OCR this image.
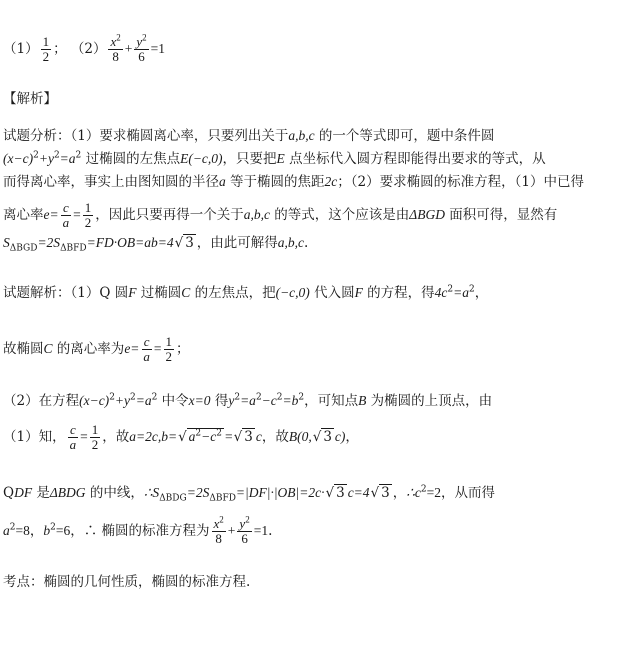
$(1) \frac{1}{2}$ ； $(2) \frac{x^2}{8} + \frac{y^2}{6} =1$
【解析】
试题分析：（1）要求椭圆离心率，只要列出关于a,b,c 的一个等式即可，题中条件圆
$(x-c)^2+y^2=a^2$ 过椭圆的左焦点E(−c,0)，只要把E 点坐标代入圆方程即能得出要求的等式，从
而得离心率，事实上由图知圆的半径a 等于椭圆的焦距2c；（2）要求椭圆的标准方程，（1）中已得
离心率$e= \frac{c}{a} = \frac{1}{2}$ ，因此只要再得一个关于a,b,c 的等式，这个应该是由ΔBGD 面积可得，显然有
$S_{\Delta BGD}=2S_{\Delta BFD}=FD\cdot OB=ab=4√$ 3 ，由此可解得a,b,c.
试题解析：（1）Q 圆F 过椭圆C 的左焦点，把(−c,0) 代入圆F 的方程，得$4c^2=a^2$，
故椭圆C 的离心率为$e= \frac{c}{a} = \frac{1}{2}$ ；
（2）在方程$(x-c)^2+y^2=a^2$ 中令x=0 得$y^2=a^2-c^2=b^2$，可知点B 为椭圆的上顶点，由
（1）知， $\frac{c}{a} = \frac{1}{2}$ ，故a=2c,b=√ $a^2-c^2$ =√ 3 c，故B(0,√ 3 c)，
QDF 是ΔBDG 的中线，$\therefore S_{\Delta BDG}=2S_{\Delta BFD}=|DF|\cdot|OB|=2c\cdot√$ 3 c=4√ 3 ，$\therefore c^2=2$，从而得
$a^2=8$，$b^2=6$，∴ 椭圆的标准方程为 $\frac{x^2}{8} + \frac{y^2}{6} =1$.
考点：椭圆的几何性质，椭圆的标准方程.
